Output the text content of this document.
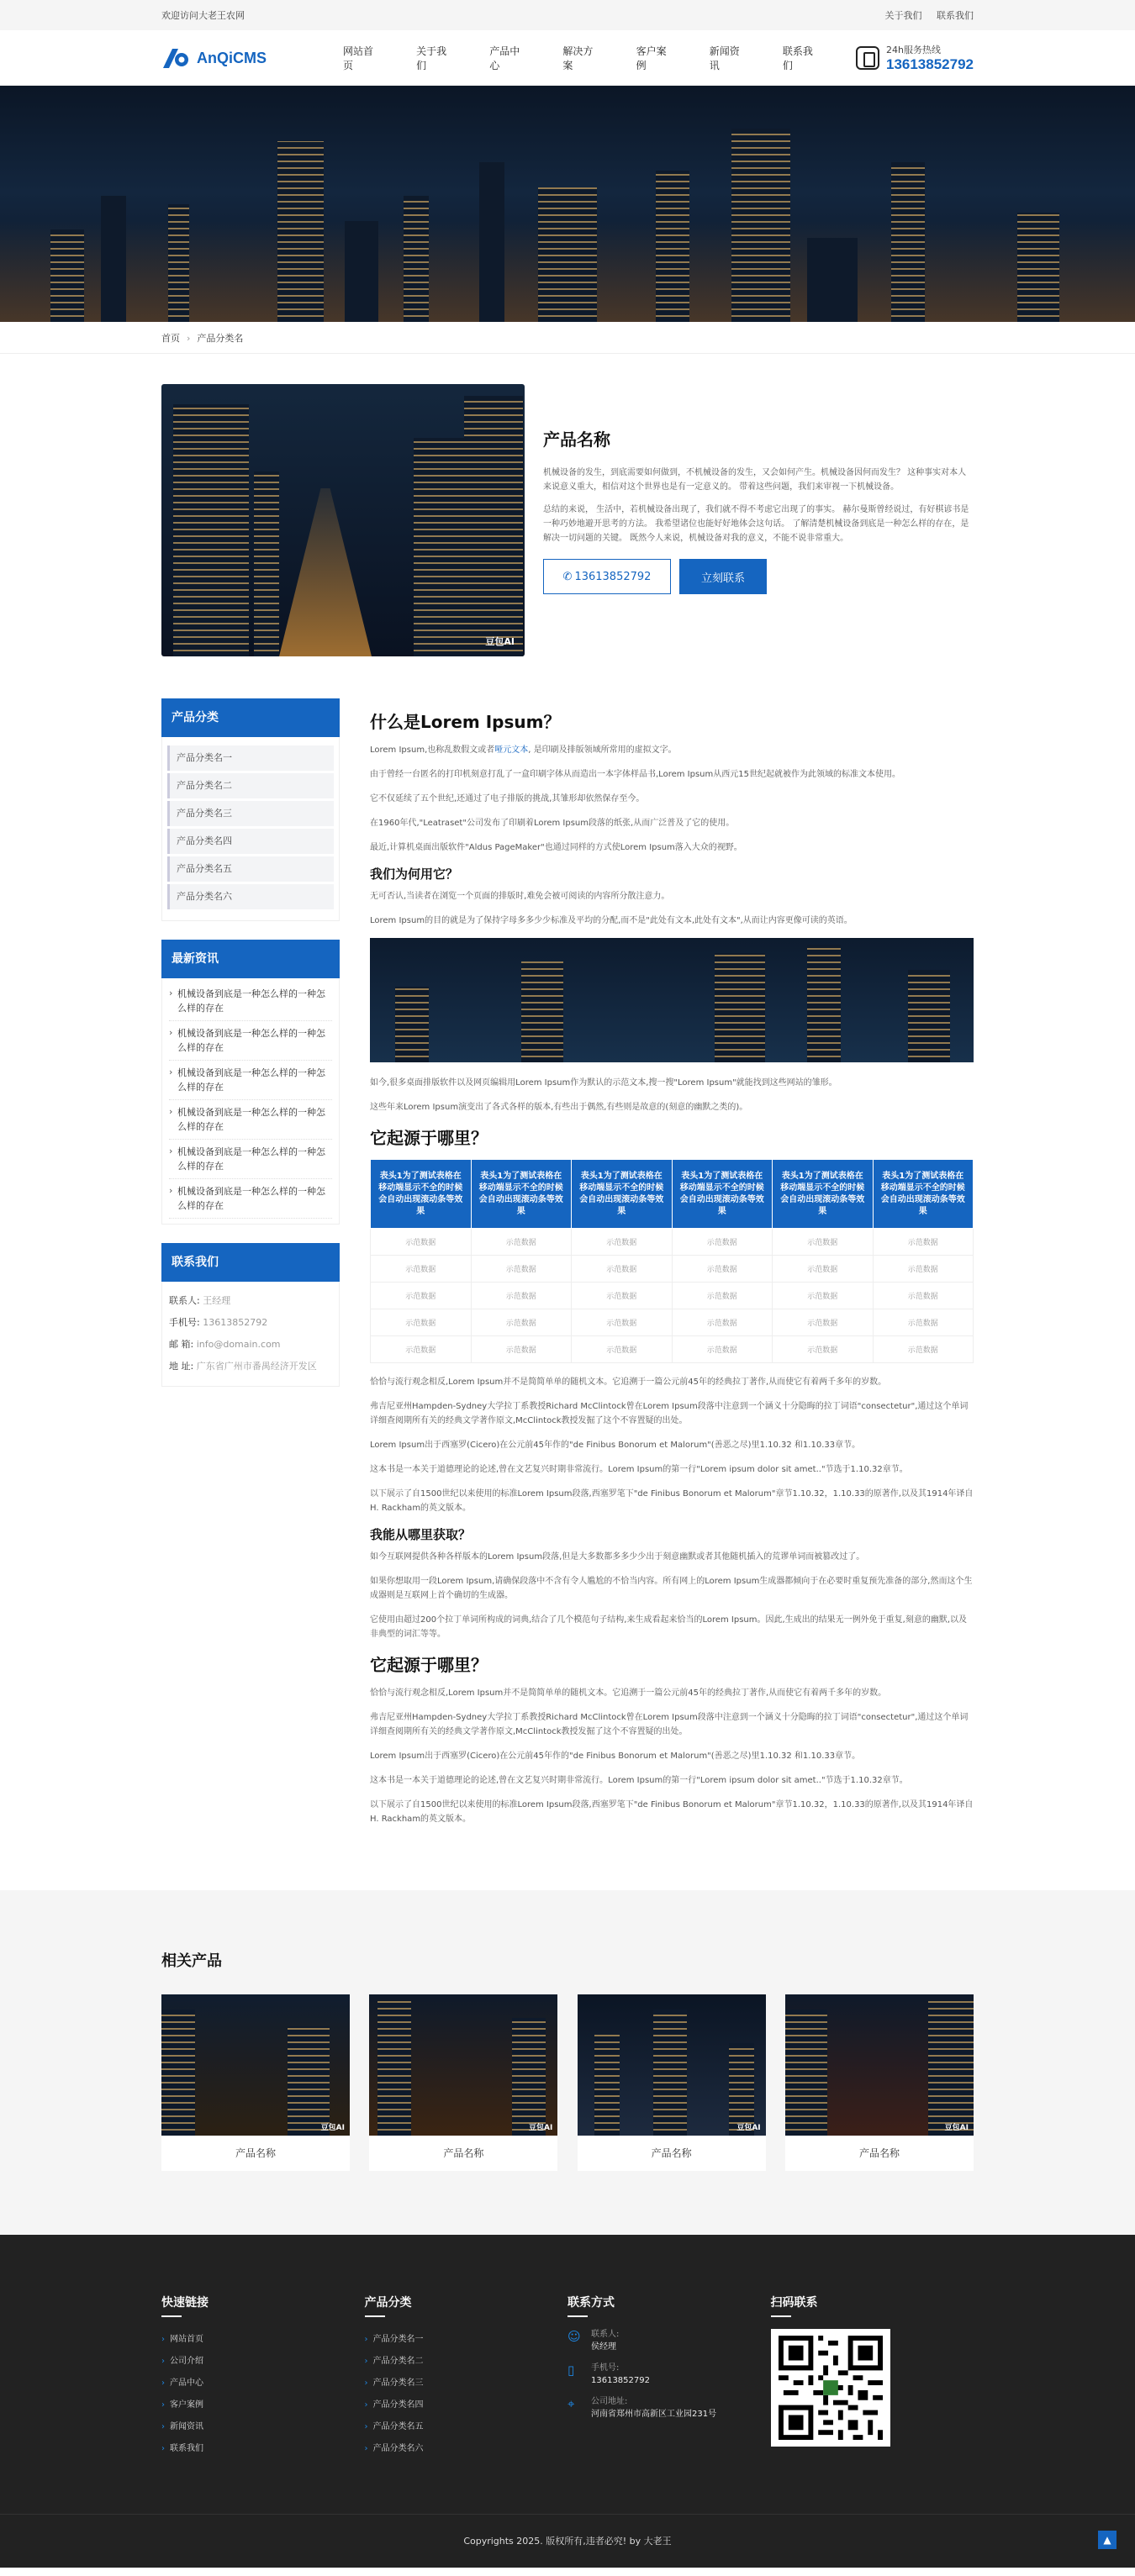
欢迎访问大老王农网	关于我们 联系我们
AnQiCMS	网站首页
关于我们
产品中心
解决方案
客户案例
新闻资讯
联系我们
24h服务热线
13613852792
首页 › 产品分类名
豆包AI
产品名称

机械设备的发生，到底需要如何做到，不机械设备的发生，又会如何产生。机械设备因何而发生？ 这种事实对本人来说意义重大，相信对这个世界也是有一定意义的。 带着这些问题，我们来审视一下机械设备。

总结的来说， 生活中，若机械设备出现了，我们就不得不考虑它出现了的事实。 赫尔曼斯曾经说过，有好棋谚书是一种巧妙地避开思考的方法。 我希望诸位也能好好地体会这句话。 了解清楚机械设备到底是一种怎么样的存在，是解决一切问题的关键。 既然今人来说，机械设备对我的意义，不能不说非常重大。

✆ 13613852792	立刻联系
产品分类
产品分类名一
产品分类名二
产品分类名三
产品分类名四
产品分类名五
产品分类名六
最新资讯
› 机械设备到底是一种怎么样的一种怎么样的存在
› 机械设备到底是一种怎么样的一种怎么样的存在
› 机械设备到底是一种怎么样的一种怎么样的存在
› 机械设备到底是一种怎么样的一种怎么样的存在
› 机械设备到底是一种怎么样的一种怎么样的存在
› 机械设备到底是一种怎么样的一种怎么样的存在
联系我们
联系人: 王经理
手机号: 13613852792
邮 箱: info@domain.com
地 址: 广东省广州市番禺经济开发区
什么是Lorem Ipsum？

Lorem Ipsum,也称乱数假文或者哑元文本, 是印刷及排版领域所常用的虚拟文字。

由于曾经一台匿名的打印机刻意打乱了一盒印刷字体从而造出一本字体样品书,Lorem Ipsum从西元15世纪起就被作为此领域的标准文本使用。

它不仅延续了五个世纪,还通过了电子排版的挑战,其雏形却依然保存至今。

在1960年代,"Leatraset"公司发布了印刷着Lorem Ipsum段落的纸张,从而广泛普及了它的使用。

最近,计算机桌面出版软件"Aldus PageMaker"也通过同样的方式使Lorem Ipsum落入大众的视野。

我们为何用它？

无可否认,当读者在浏览一个页面的排版时,难免会被可阅读的内容所分散注意力。

Lorem Ipsum的目的就是为了保持字母多多少少标准及平均的分配,而不是"此处有文本,此处有文本",从而让内容更像可读的英语。

如今,很多桌面排版软件以及网页编辑用Lorem Ipsum作为默认的示范文本,搜一搜"Lorem Ipsum"就能找到这些网站的雏形。

这些年来Lorem Ipsum演变出了各式各样的版本,有些出于偶然,有些则是故意的(刻意的幽默之类的)。

它起源于哪里？
表头1为了测试表格在移动端显示不全的时候会自动出现滚动条等效果	表头1为了测试表格在移动端显示不全的时候会自动出现滚动条等效果	表头1为了测试表格在移动端显示不全的时候会自动出现滚动条等效果	表头1为了测试表格在移动端显示不全的时候会自动出现滚动条等效果	表头1为了测试表格在移动端显示不全的时候会自动出现滚动条等效果	表头1为了测试表格在移动端显示不全的时候会自动出现滚动条等效果
示范数据	示范数据	示范数据	示范数据	示范数据	示范数据
示范数据	示范数据	示范数据	示范数据	示范数据	示范数据
示范数据	示范数据	示范数据	示范数据	示范数据	示范数据
示范数据	示范数据	示范数据	示范数据	示范数据	示范数据
示范数据	示范数据	示范数据	示范数据	示范数据	示范数据

恰恰与流行观念相反,Lorem Ipsum并不是简简单单的随机文本。它追溯于一篇公元前45年的经典拉丁著作,从而使它有着两千多年的岁数。

弗吉尼亚州Hampden-Sydney大学拉丁系教授Richard McClintock曾在Lorem Ipsum段落中注意到一个涵义十分隐晦的拉丁词语"consectetur",通过这个单词详细查阅期所有关的经典文学著作原文,McClintock教授发掘了这个不容置疑的出处。

Lorem Ipsum出于西塞罗(Cicero)在公元前45年作的"de Finibus Bonorum et Malorum"(善恶之尽)里1.10.32 和1.10.33章节。

这本书是一本关于道德理论的论述,曾在文艺复兴时期非常流行。Lorem Ipsum的第一行"Lorem ipsum dolor sit amet.."节选于1.10.32章节。

以下展示了自1500世纪以来使用的标准Lorem Ipsum段落,西塞罗笔下"de Finibus Bonorum et Malorum"章节1.10.32，1.10.33的原著作,以及其1914年译自H. Rackham的英文版本。

我能从哪里获取？

如今互联网提供各种各样版本的Lorem Ipsum段落,但是大多数都多多少少出于刻意幽默或者其他随机插入的荒谬单词而被篡改过了。

如果你想取用一段Lorem Ipsum,请确保段落中不含有令人尴尬的不恰当内容。所有网上的Lorem Ipsum生成器都倾向于在必要时重复预先准备的部分,然而这个生成器则是互联网上首个确切的生成器。

它使用由超过200个拉丁单词所构成的词典,结合了几个模范句子结构,来生成看起来恰当的Lorem Ipsum。因此,生成出的结果无一例外免于重复,刻意的幽默,以及非典型的词汇等等。

它起源于哪里？

恰恰与流行观念相反,Lorem Ipsum并不是简简单单的随机文本。它追溯于一篇公元前45年的经典拉丁著作,从而使它有着两千多年的岁数。

弗吉尼亚州Hampden-Sydney大学拉丁系教授Richard McClintock曾在Lorem Ipsum段落中注意到一个涵义十分隐晦的拉丁词语"consectetur",通过这个单词详细查阅期所有关的经典文学著作原文,McClintock教授发掘了这个不容置疑的出处。

Lorem Ipsum出于西塞罗(Cicero)在公元前45年作的"de Finibus Bonorum et Malorum"(善恶之尽)里1.10.32 和1.10.33章节。

这本书是一本关于道德理论的论述,曾在文艺复兴时期非常流行。Lorem Ipsum的第一行"Lorem ipsum dolor sit amet.."节选于1.10.32章节。

以下展示了自1500世纪以来使用的标准Lorem Ipsum段落,西塞罗笔下"de Finibus Bonorum et Malorum"章节1.10.32，1.10.33的原著作,以及其1914年译自H. Rackham的英文版本。

相关产品
豆包AI
产品名称
豆包AI
产品名称
豆包AI
产品名称
豆包AI
产品名称
快速链接
› 网站首页
› 公司介绍
› 产品中心
› 客户案例
› 新闻资讯
› 联系我们
产品分类
› 产品分类名一
› 产品分类名二
› 产品分类名三
› 产品分类名四
› 产品分类名五
› 产品分类名六
联系方式
☺	联系人:
侯经理
▯	手机号:
13613852792
⌖	公司地址:
河南省郑州市高新区工业园231号
扫码联系
Copyrights 2025. 版权所有,违者必究! by 大老王	▲
